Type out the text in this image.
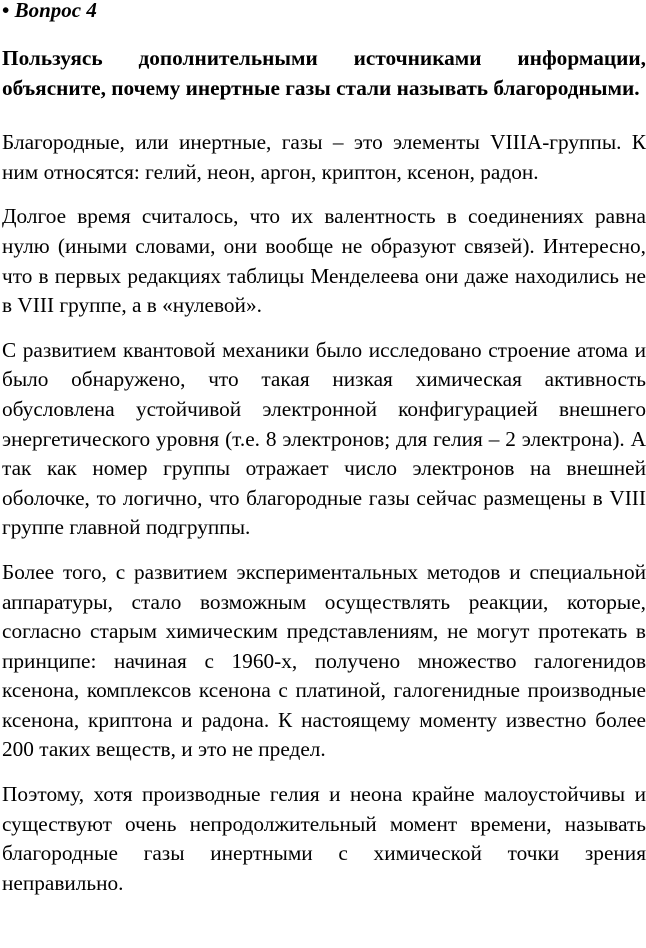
• Вопрос 4

Пользуясь дополнительными источниками информации, объясните, почему инертные газы стали называть благородными.

Благородные, или инертные, газы – это элементы VIIIA-группы. К ним относятся: гелий, неон, аргон, криптон, ксенон, радон.

Долгое время считалось, что их валентность в соединениях равна нулю (иными словами, они вообще не образуют связей). Интересно, что в первых редакциях таблицы Менделеева они даже находились не в VIII группе, а в «нулевой».

С развитием квантовой механики было исследовано строение атома и было обнаружено, что такая низкая химическая активность обусловлена устойчивой электронной конфигурацией внешнего энергетического уровня (т.е. 8 электронов; для гелия – 2 электрона). А так как номер группы отражает число электронов на внешней оболочке, то логично, что благородные газы сейчас размещены в VIII группе главной подгруппы.

Более того, с развитием экспериментальных методов и специальной аппаратуры, стало возможным осуществлять реакции, которые, согласно старым химическим представлениям, не могут протекать в принципе: начиная с 1960-х, получено множество галогенидов ксенона, комплексов ксенона с платиной, галогенидные производные ксенона, криптона и радона. К настоящему моменту известно более 200 таких веществ, и это не предел.

Поэтому, хотя производные гелия и неона крайне малоустойчивы и существуют очень непродолжительный момент времени, называть благородные газы инертными с химической точки зрения неправильно.
